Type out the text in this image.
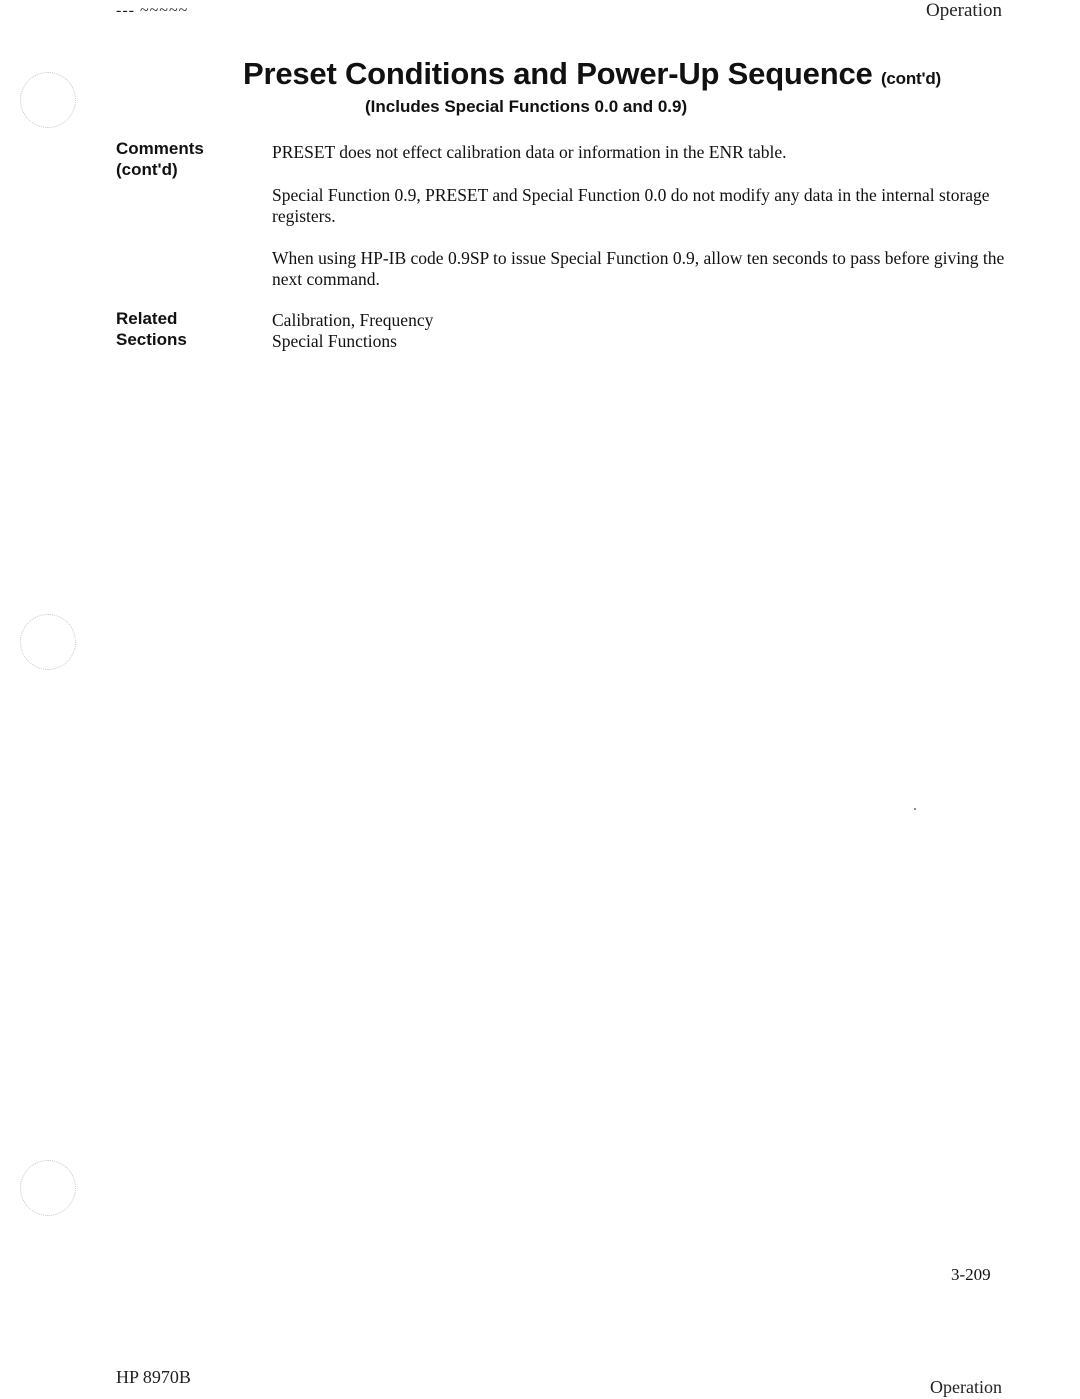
--- ~~~~~	Operation
Preset Conditions and Power-Up Sequence (cont'd)
(Includes Special Functions 0.0 and 0.9)
Comments
(cont'd)

PRESET does not effect calibration data or information in the ENR table.

Special Function 0.9, PRESET and Special Function 0.0 do not modify any data in the internal storage registers.

When using HP-IB code 0.9SP to issue Special Function 0.9, allow ten seconds to pass before giving the next command.

Related
Sections
Calibration, Frequency
Special Functions
3-209
HP 8970B	Operation
